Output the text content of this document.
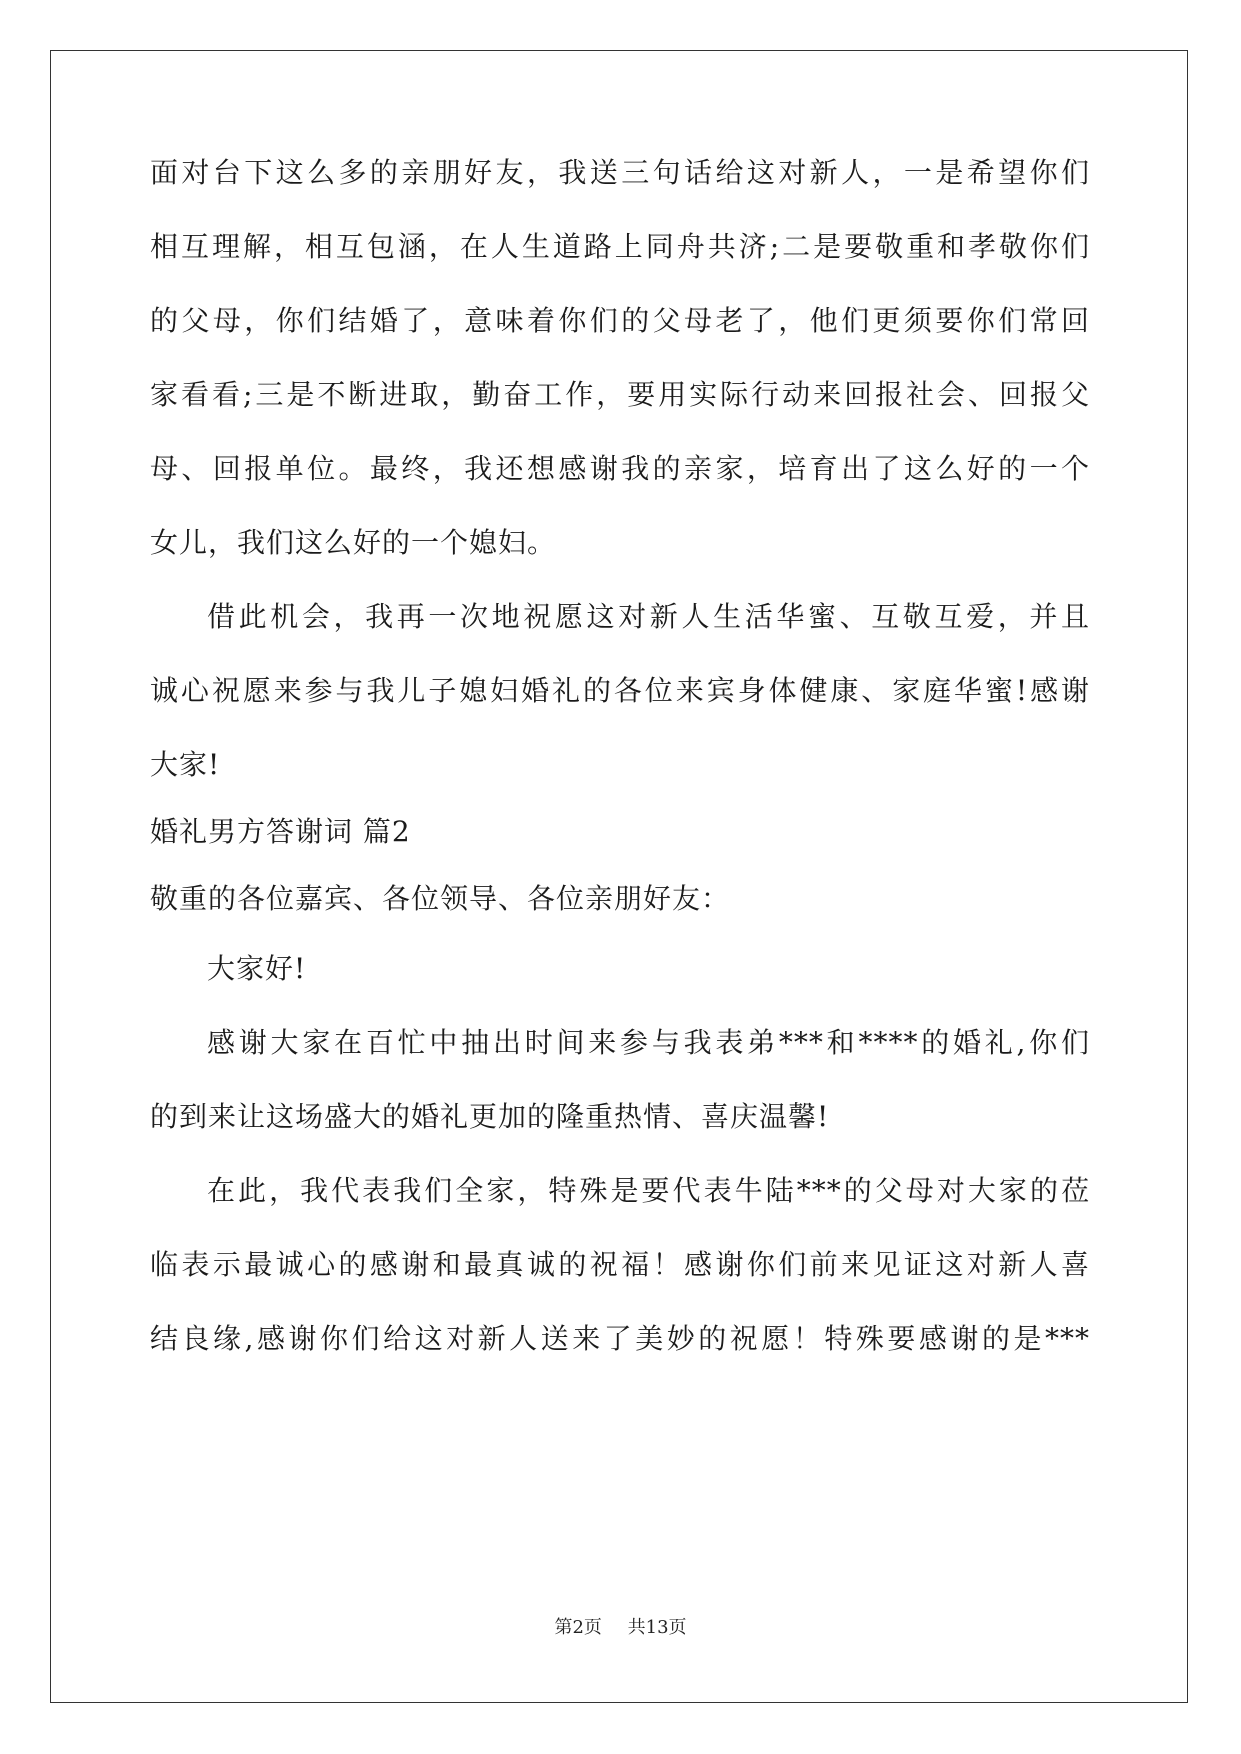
面对台下这么多的亲朋好友，我送三句话给这对新人，一是希望你们
相互理解，相互包涵，在人生道路上同舟共济;二是要敬重和孝敬你们
的父母，你们结婚了，意味着你们的父母老了，他们更须要你们常回
家看看;三是不断进取，勤奋工作，要用实际行动来回报社会、回报父
母、回报单位。最终，我还想感谢我的亲家，培育出了这么好的一个
女儿，我们这么好的一个媳妇。
借此机会，我再一次地祝愿这对新人生活华蜜、互敬互爱，并且
诚心祝愿来参与我儿子媳妇婚礼的各位来宾身体健康、家庭华蜜!感谢
大家!
婚礼男方答谢词 篇2
敬重的各位嘉宾、各位领导、各位亲朋好友：
大家好!
感谢大家在百忙中抽出时间来参与我表弟***和****的婚礼,你们
的到来让这场盛大的婚礼更加的隆重热情、喜庆温馨!
在此，我代表我们全家，特殊是要代表牛陆***的父母对大家的莅
临表示最诚心的感谢和最真诚的祝福！感谢你们前来见证这对新人喜
结良缘,感谢你们给这对新人送来了美妙的祝愿！特殊要感谢的是***
第2页 共13页
